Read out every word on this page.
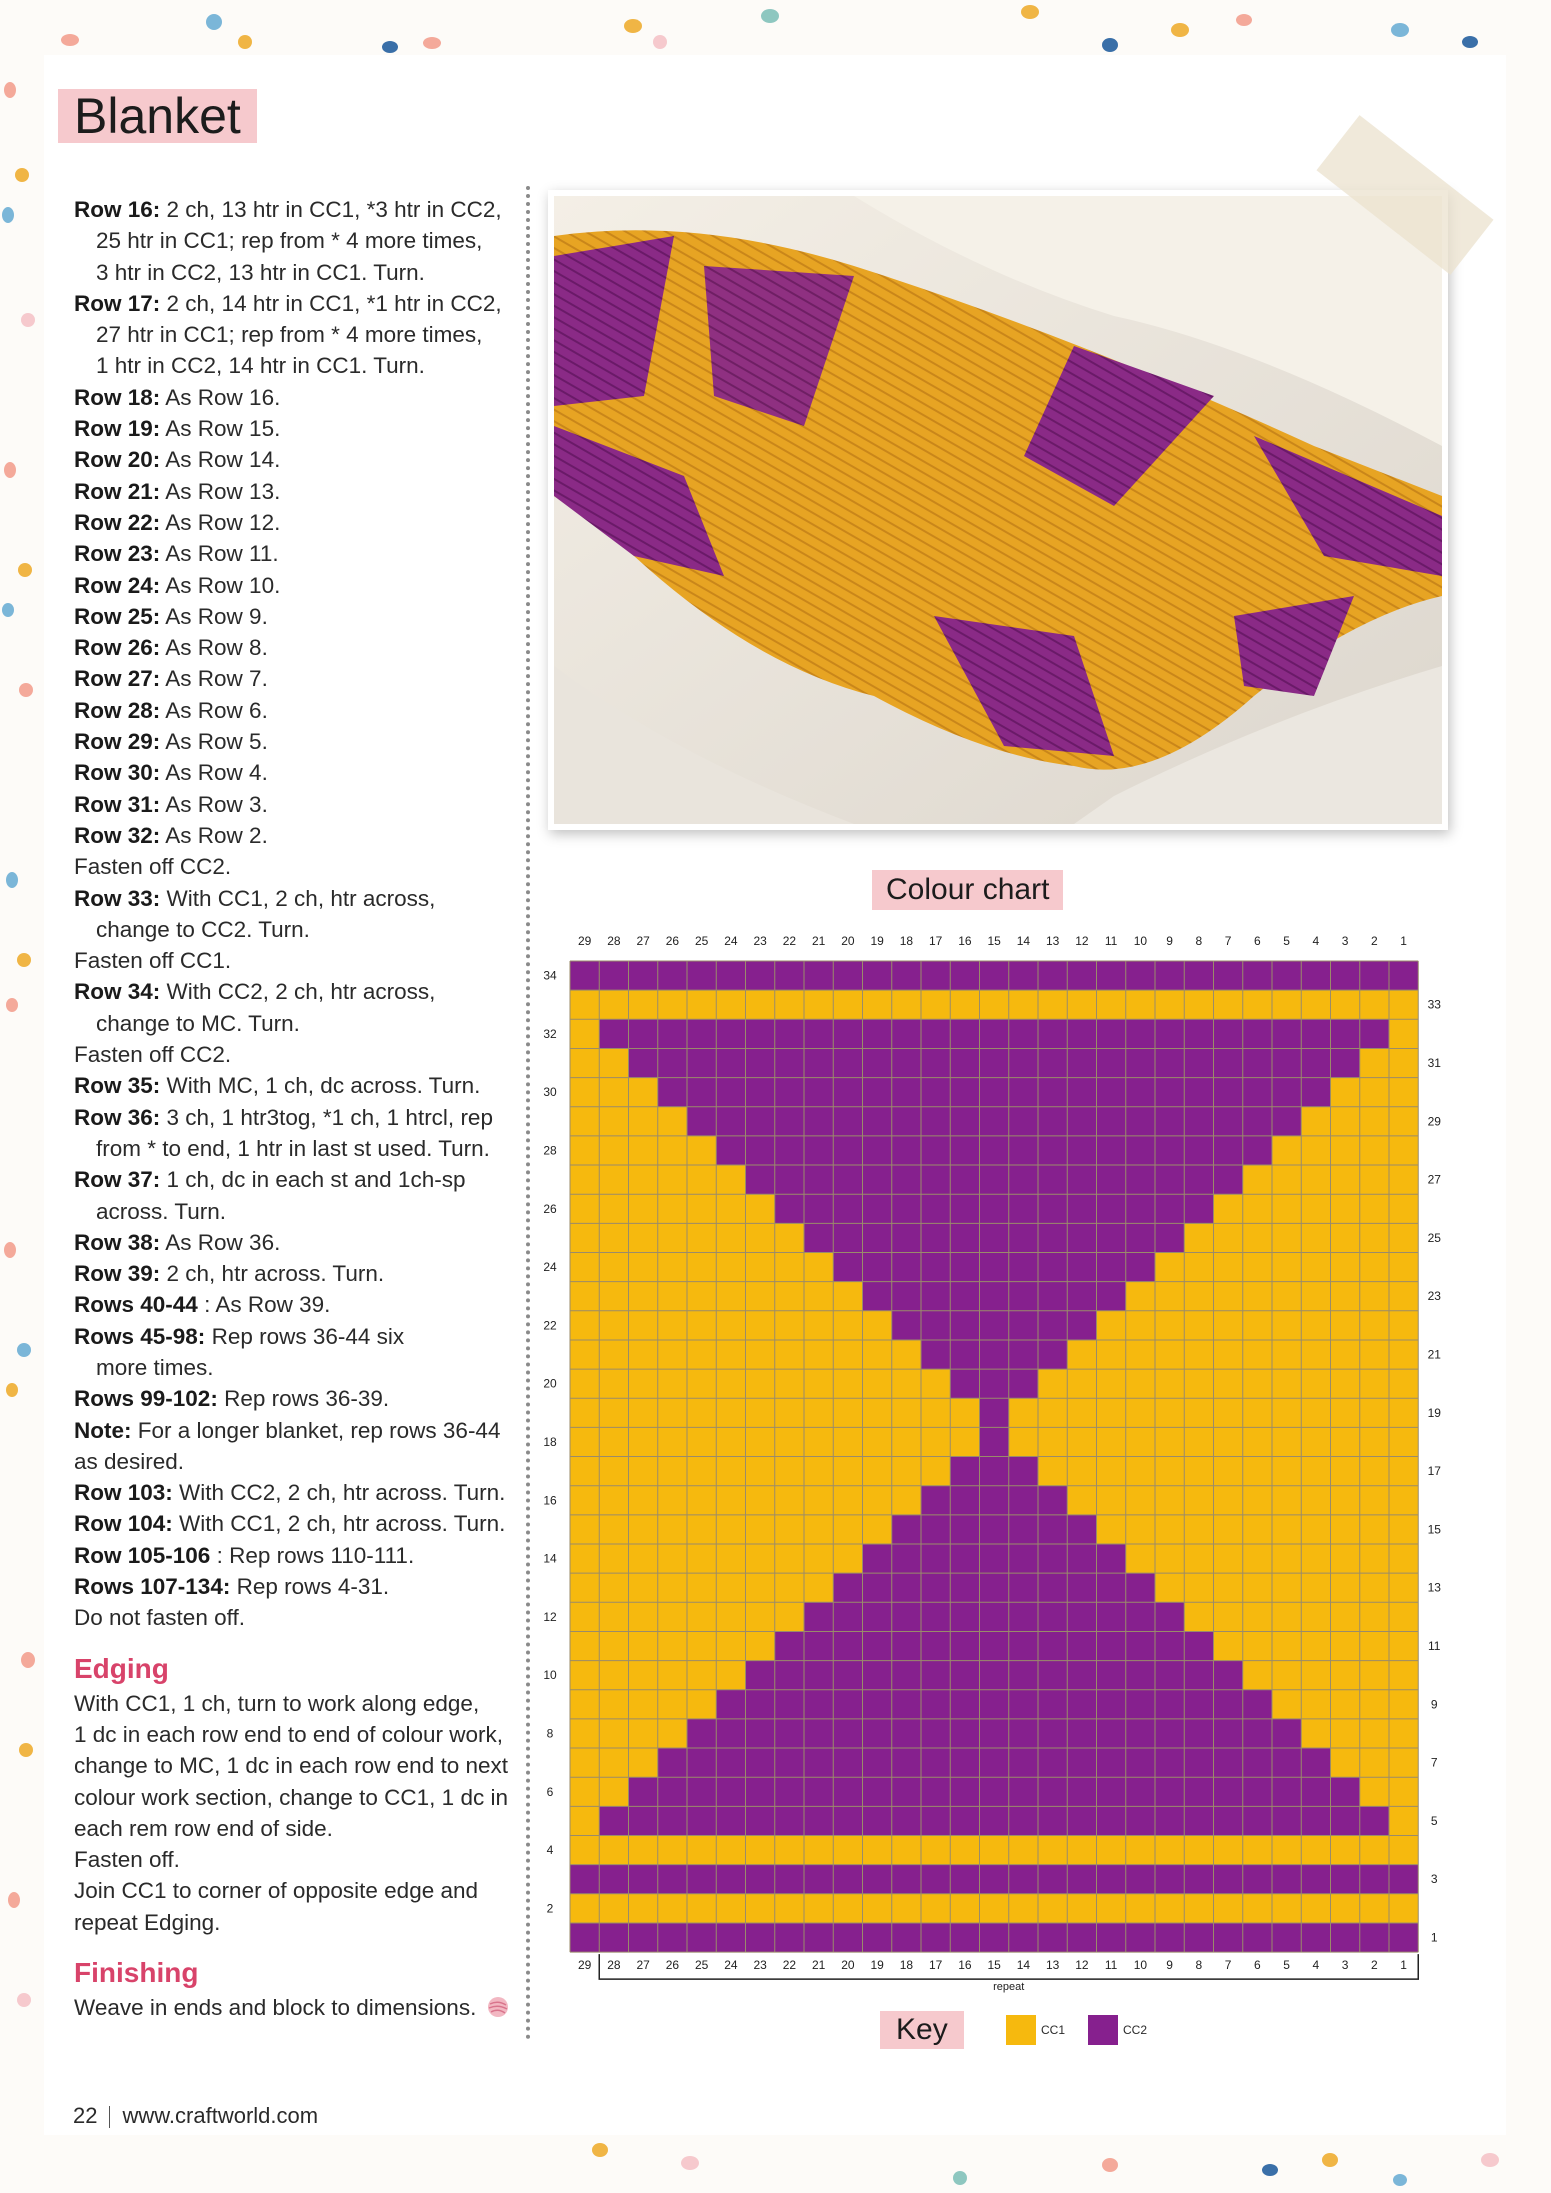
Blanket

Row 16: 2 ch, 13 htr in CC1, *3 htr in CC2,

25 htr in CC1; rep from * 4 more times,

3 htr in CC2, 13 htr in CC1. Turn.

Row 17: 2 ch, 14 htr in CC1, *1 htr in CC2,

27 htr in CC1; rep from * 4 more times,

1 htr in CC2, 14 htr in CC1. Turn.

Row 18: As Row 16.

Row 19: As Row 15.

Row 20: As Row 14.

Row 21: As Row 13.

Row 22: As Row 12.

Row 23: As Row 11.

Row 24: As Row 10.

Row 25: As Row 9.

Row 26: As Row 8.

Row 27: As Row 7.

Row 28: As Row 6.

Row 29: As Row 5.

Row 30: As Row 4.

Row 31: As Row 3.

Row 32: As Row 2.

Fasten off CC2.

Row 33: With CC1, 2 ch, htr across,

change to CC2. Turn.

Fasten off CC1.

Row 34: With CC2, 2 ch, htr across,

change to MC. Turn.

Fasten off CC2.

Row 35: With MC, 1 ch, dc across. Turn.

Row 36: 3 ch, 1 htr3tog, *1 ch, 1 htrcl, rep

from * to end, 1 htr in last st used. Turn.

Row 37: 1 ch, dc in each st and 1ch-sp

across. Turn.

Row 38: As Row 36.

Row 39: 2 ch, htr across. Turn.

Rows 40-44 : As Row 39.

Rows 45-98: Rep rows 36-44 six

more times.

Rows 99-102: Rep rows 36-39.

Note: For a longer blanket, rep rows 36-44

as desired.

Row 103: With CC2, 2 ch, htr across. Turn.

Row 104: With CC1, 2 ch, htr across. Turn.

Row 105-106 : Rep rows 110-111.

Rows 107-134: Rep rows 4-31.

Do not fasten off.

Edging

With CC1, 1 ch, turn to work along edge,

1 dc in each row end to end of colour work,

change to MC, 1 dc in each row end to next

colour work section, change to CC1, 1 dc in

each rem row end of side.

Fasten off.

Join CC1 to corner of opposite edge and

repeat Edging.

Finishing

Weave in ends and block to dimensions.

Colour chart
1
1
2
2
3
3
4
4
5
5
6
6
7
7
8
8
9
9
10
10
11
11
12
12
13
13
14
14
15
15
16
16
17
17
18
18
19
19
20
20
21
21
22
22
23
23
24
24
25
25
26
26
27
27
28
28
29
29
1
2
3
4
5
6
7
8
9
10
11
12
13
14
15
16
17
18
19
20
21
22
23
24
25
26
27
28
29
30
31
32
33
34
repeat
Key	CC1	CC2
22 www.craftworld.com
